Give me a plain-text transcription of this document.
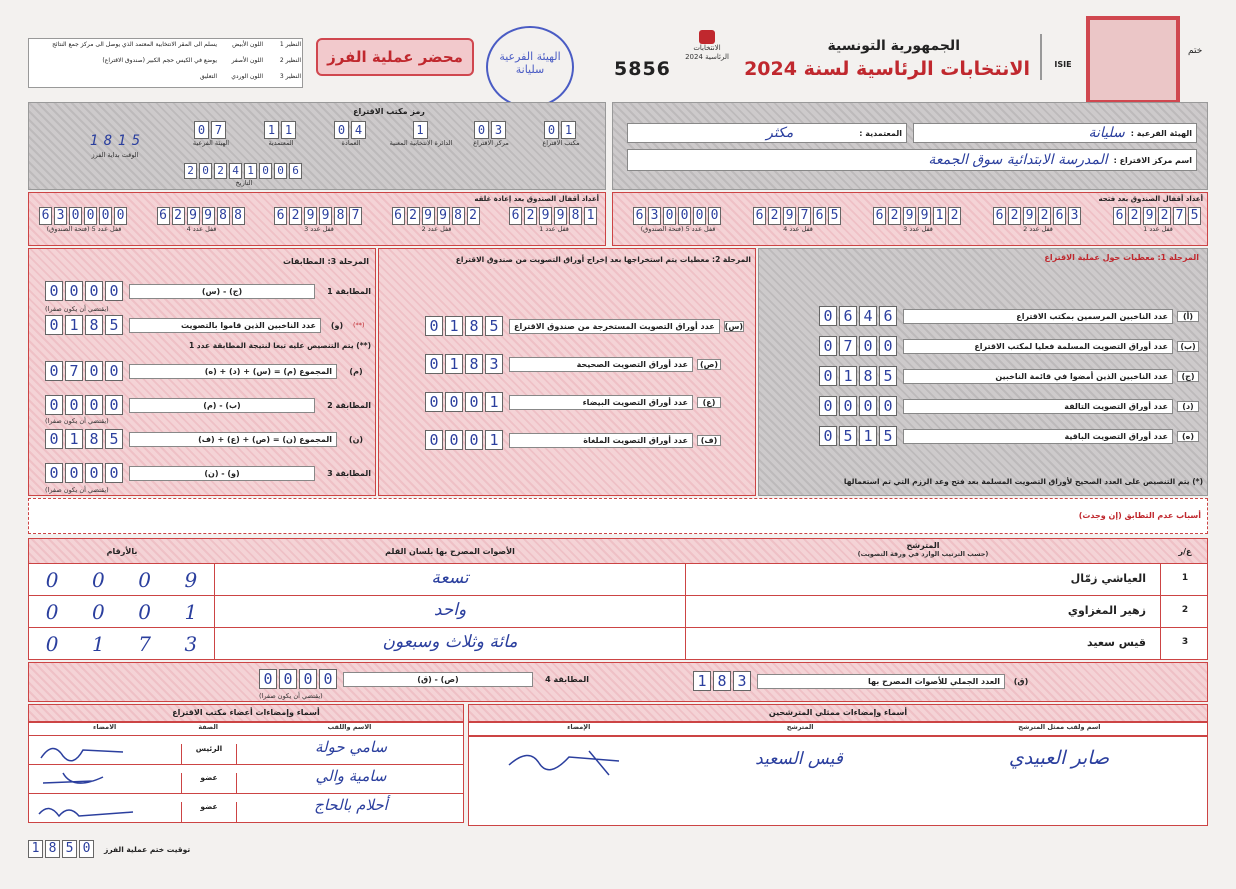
النظير 1
اللون الأبيض
يسلم الى المقر الانتخابية المعتمد الذي يوصل الى مركز جمع النتائج
النظير 2
اللون الأصفر
يوضع في الكيس حجم الكبير (صندوق الاقتراع)
النظير 3
اللون الوردي
التعليق
محضر عملية الفرز	الهيئة الفرعية سليانة	5856
الانتخابات الرئاسية 2024
الجمهورية التونسية
الانتخابات الرئاسية لسنة 2024	ISIE
ختم
رمز مكتب الاقتراع
1 8 1 5
الوقت بداية الفرز
0 1
مكتب الاقتراع
0 3
مركز الاقتراع
1
الدائرة الانتخابية المعنية
0 4
العمادة
1 1
المعتمدية
0 7
الهيئة الفرعية
2 0 2 4 1 0 0 6
التاريخ
الهيئة الفرعية :
سليانة
المعتمدية :
مكثر
اسم مركز الاقتراع :
المدرسة الابتدائية سوق الجمعة
أعداد أقفال الصندوق بعد إعادة غلقه
6 3 0 0 0 0
قفل عدد 5 (فتحة الصندوق)
6 2 9 9 8 8
قفل عدد 4
6 2 9 9 8 7
قفل عدد 3
6 2 9 9 8 2
قفل عدد 2
6 2 9 9 8 1
قفل عدد 1
أعداد أقفال الصندوق بعد فتحه
6 3 0 0 0 0
قفل عدد 5 (فتحة الصندوق)
6 2 9 7 6 5
قفل عدد 4
6 2 9 9 1 2
قفل عدد 3
6 2 9 2 6 3
قفل عدد 2
6 2 9 2 7 5
قفل عدد 1
المرحلة 1: معطيات حول عملية الاقتراع
0 6 4 6	عدد الناخبين المرسمين بمكتب الاقتراع	(أ)
0 7 0 0	عدد أوراق التصويت المسلمة فعليا لمكتب الاقتراع	(ب)
0 1 8 5	عدد الناخبين الذين أمضوا في قائمة الناخبين	(ج)
0 0 0 0	عدد أوراق التصويت التالفة	(د)
0 5 1 5	عدد أوراق التصويت الباقية	(ه)
(*) يتم التنصيص على العدد الصحيح لأوراق التصويت المسلمة بعد فتح وعد الرزم التي تم استعمالها
المرحلة 2: معطيات يتم استخراجها بعد إخراج أوراق التصويت من صندوق الاقتراع
0 1 8 5	عدد أوراق التصويت المستخرجة من صندوق الاقتراع	(س)
0 1 8 3	عدد أوراق التصويت الصحيحة	(ص)
0 0 0 1	عدد أوراق التصويت البيضاء	(ع)
0 0 0 1	عدد أوراق التصويت الملغاة	(ف)
المرحلة 3: المطابقات
0 0 0 0	(ج) - (س)	المطابقة 1
(يقتضي أن يكون صفرا)
0 1 8 5	عدد الناخبين الذين قاموا بالتصويت	(و)	(**)
(**) يتم التنصيص عليه تبعا لنتيجة المطابقة عدد 1
0 7 0 0	المجموع (م) = (س) + (د) + (ه)	(م)
0 0 0 0	(ب) - (م)	المطابقة 2
(يقتضي أن يكون صفرا)
0 1 8 5	المجموع (ن) = (ص) + (ع) + (ف)	(ن)
0 0 0 0	(و) - (ن)	المطابقة 3
(يقتضي أن يكون صفرا)
أسباب عدم التطابق (إن وجدت)
بالأرقام	الأصوات المصرح بها بلسان القلم
المترشح
(حسب الترتيب الوارد في ورقة التصويت)	ع/ر
0 0 0 9	تسعة	العياشي زمّال	1
0 0 0 1	واحد	زهير المغزاوي	2
0 1 7 3	مائة وثلاث وسبعون	قيس سعيد	3
1 8 3	العدد الجملي للأصوات المصرح بها	(ق)
0 0 0 0	(ص) - (ق)	المطابقة 4
(يقتضي أن يكون صفرا)
أسماء وإمضاءات ممثلي المترشحين
الإمضاء	المترشح	اسم ولقب ممثل المترشح
قيس السعيد	صابر العبيدي
أسماء وإمضاءات أعضاء مكتب الاقتراع
الامضاء	الصفة	الاسم واللقب
الرئيس	سامي حولة
عضو	سامية والي
عضو	أحلام بالحاج
1 8 5 0	توقيت ختم عملية الفرز
